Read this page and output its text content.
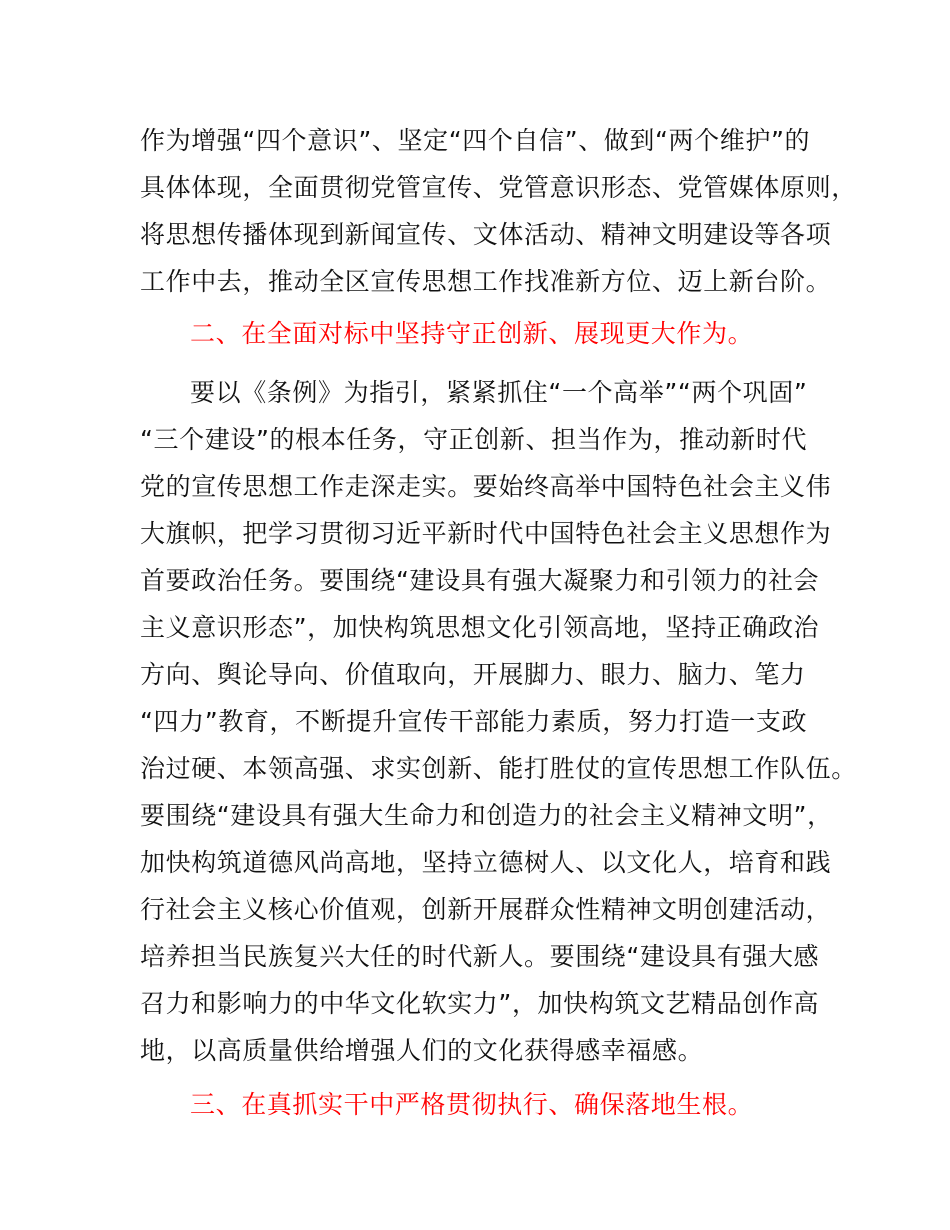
作为增强“四个意识”、坚定“四个自信”、做到“两个维护”的
具体体现，全面贯彻党管宣传、党管意识形态、党管媒体原则，
将思想传播体现到新闻宣传、文体活动、精神文明建设等各项
工作中去，推动全区宣传思想工作找准新方位、迈上新台阶。
二、在全面对标中坚持守正创新、展现更大作为。
要以《条例》为指引，紧紧抓住“一个高举”“两个巩固”
“三个建设”的根本任务，守正创新、担当作为，推动新时代
党的宣传思想工作走深走实。要始终高举中国特色社会主义伟
大旗帜，把学习贯彻习近平新时代中国特色社会主义思想作为
首要政治任务。要围绕“建设具有强大凝聚力和引领力的社会
主义意识形态”，加快构筑思想文化引领高地，坚持正确政治
方向、舆论导向、价值取向，开展脚力、眼力、脑力、笔力
“四力”教育，不断提升宣传干部能力素质，努力打造一支政
治过硬、本领高强、求实创新、能打胜仗的宣传思想工作队伍。
要围绕“建设具有强大生命力和创造力的社会主义精神文明”，
加快构筑道德风尚高地，坚持立德树人、以文化人，培育和践
行社会主义核心价值观，创新开展群众性精神文明创建活动，
培养担当民族复兴大任的时代新人。要围绕“建设具有强大感
召力和影响力的中华文化软实力”，加快构筑文艺精品创作高
地，以高质量供给增强人们的文化获得感幸福感。
三、在真抓实干中严格贯彻执行、确保落地生根。
